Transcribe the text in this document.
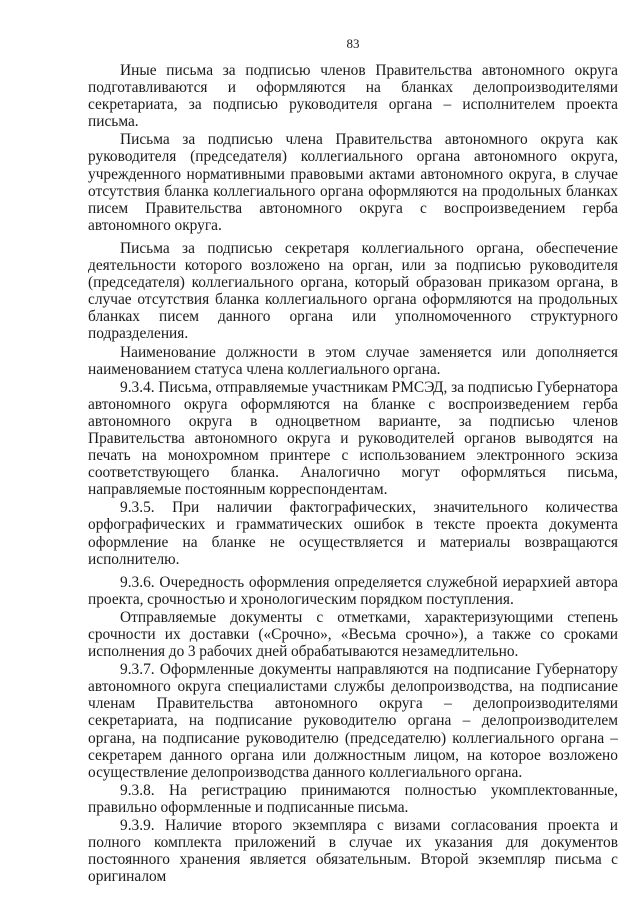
83

Иные письма за подписью членов Правительства автономного округа подготавливаются и оформляются на бланках делопроизводителями секретариата, за подписью руководителя органа – исполнителем проекта письма.

Письма за подписью члена Правительства автономного округа как руководителя (председателя) коллегиального органа автономного округа, учрежденного нормативными правовыми актами автономного округа, в случае отсутствия бланка коллегиального органа оформляются на продольных бланках писем Правительства автономного округа с воспроизведением герба автономного округа.

Письма за подписью секретаря коллегиального органа, обеспечение деятельности которого возложено на орган, или за подписью руководителя (председателя) коллегиального органа, который образован приказом органа, в случае отсутствия бланка коллегиального органа оформляются на продольных бланках писем данного органа или уполномоченного структурного подразделения.

Наименование должности в этом случае заменяется или дополняется наименованием статуса члена коллегиального органа.

9.3.4. Письма, отправляемые участникам РМСЭД, за подписью Губернатора автономного округа оформляются на бланке с воспроизведением герба автономного округа в одноцветном варианте, за подписью членов Правительства автономного округа и руководителей органов выводятся на печать на монохромном принтере с использованием электронного эскиза соответствующего бланка. Аналогично могут оформляться письма, направляемые постоянным корреспондентам.

9.3.5. При наличии фактографических, значительного количества орфографических и грамматических ошибок в тексте проекта документа оформление на бланке не осуществляется и материалы возвращаются исполнителю.

9.3.6. Очередность оформления определяется служебной иерархией автора проекта, срочностью и хронологическим порядком поступления.

Отправляемые документы с отметками, характеризующими степень срочности их доставки («Срочно», «Весьма срочно»), а также со сроками исполнения до 3 рабочих дней обрабатываются незамедлительно.

9.3.7. Оформленные документы направляются на подписание Губернатору автономного округа специалистами службы делопроизводства, на подписание членам Правительства автономного округа – делопроизводителями секретариата, на подписание руководителю органа – делопроизводителем органа, на подписание руководителю (председателю) коллегиального органа – секретарем данного органа или должностным лицом, на которое возложено осуществление делопроизводства данного коллегиального органа.

9.3.8. На регистрацию принимаются полностью укомплектованные, правильно оформленные и подписанные письма.

9.3.9. Наличие второго экземпляра с визами согласования проекта и полного комплекта приложений в случае их указания для документов постоянного хранения является обязательным. Второй экземпляр письма с оригиналом
